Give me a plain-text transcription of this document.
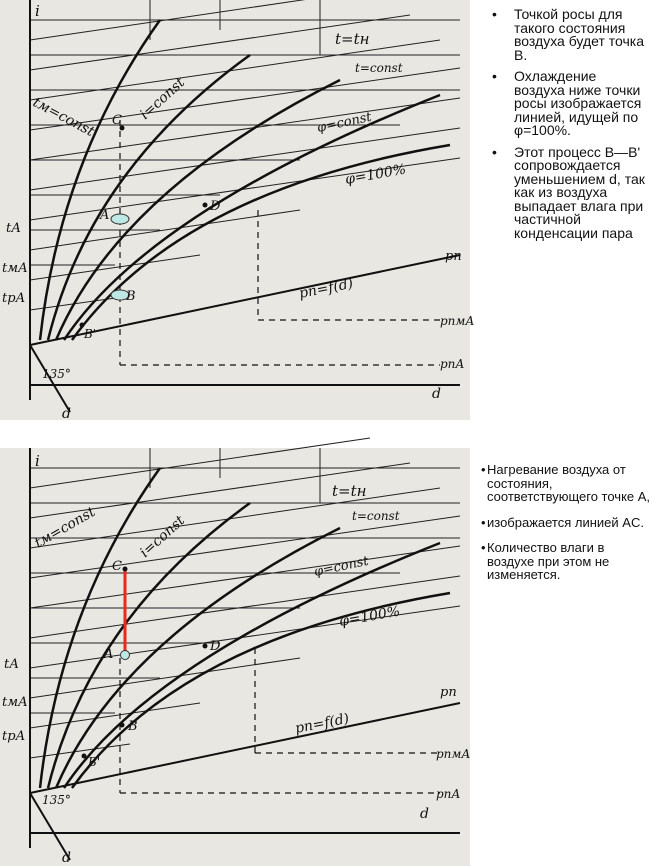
i
d
d
t=tн
t=const
tм=const	i=const	φ=const
φ=100%
pп=f(d)
pп
pпмА
pпА
tА
tмА
tрА
135°
C
A
B
B'
D
• Точкой росы для такого состояния воздуха будет точка B.
• Охлаждение воздуха ниже точки росы изображается линией, идущей по φ=100%.
• Этот процесс B—B' сопровождается уменьшением d, так как из воздуха выпадает влага при частичной конденсации пара
i
d
d
t=tн
t=const
tм=const	i=const
φ=const
φ=100%
pп=f(d)
pп
pпмА
pпА
tА
tмА
tрА
135°
C
A
B
B'
D
• Нагревание воздуха от состояния, соответствующего точке A,
• изображается линией AC.
• Количество влаги в воздухе при этом не изменяется.
